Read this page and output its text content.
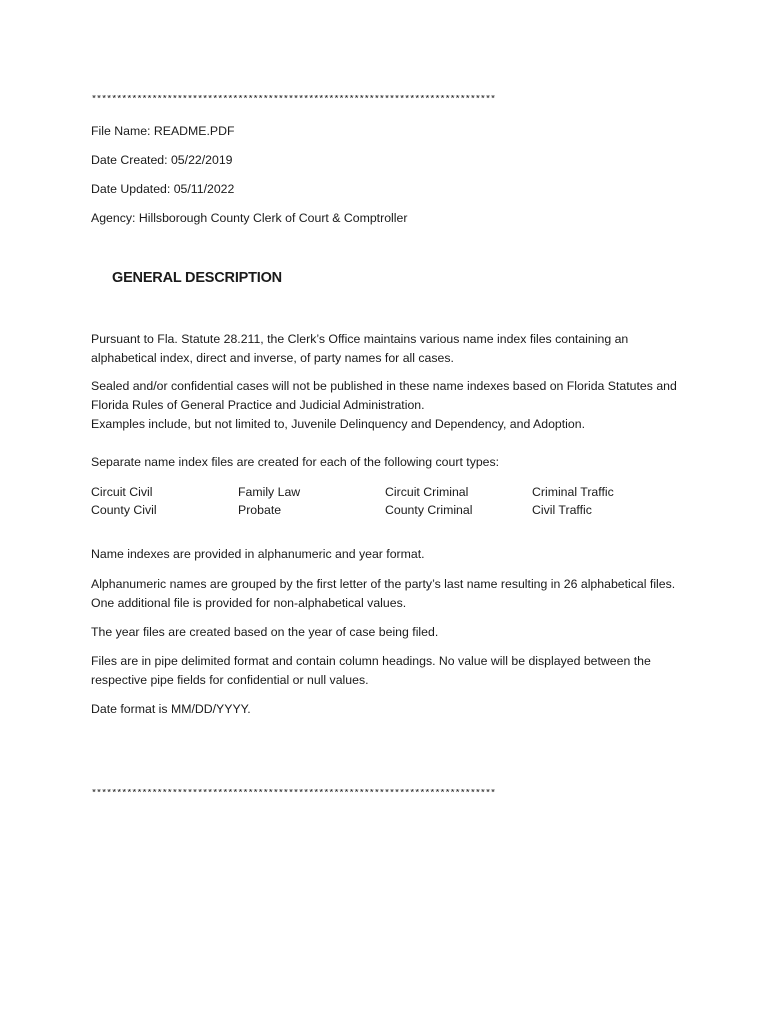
********************************************************************************
File Name: README.PDF
Date Created: 05/22/2019
Date Updated: 05/11/2022
Agency: Hillsborough County Clerk of Court & Comptroller
GENERAL DESCRIPTION
Pursuant to Fla. Statute 28.211, the Clerk’s Office maintains various name index files containing an alphabetical index, direct and inverse, of party names for all cases.
Sealed and/or confidential cases will not be published in these name indexes based on Florida Statutes and Florida Rules of General Practice and Judicial Administration.
Examples include, but not limited to, Juvenile Delinquency and Dependency, and Adoption.
Separate name index files are created for each of the following court types:
Circuit Civil	Family Law	Circuit Criminal	Criminal Traffic
County Civil	Probate	County Criminal	Civil Traffic
Name indexes are provided in alphanumeric and year format.
Alphanumeric names are grouped by the first letter of the party’s last name resulting in 26 alphabetical files. One additional file is provided for non-alphabetical values.
The year files are created based on the year of case being filed.
Files are in pipe delimited format and contain column headings. No value will be displayed between the respective pipe fields for confidential or null values.
Date format is MM/DD/YYYY.
********************************************************************************
